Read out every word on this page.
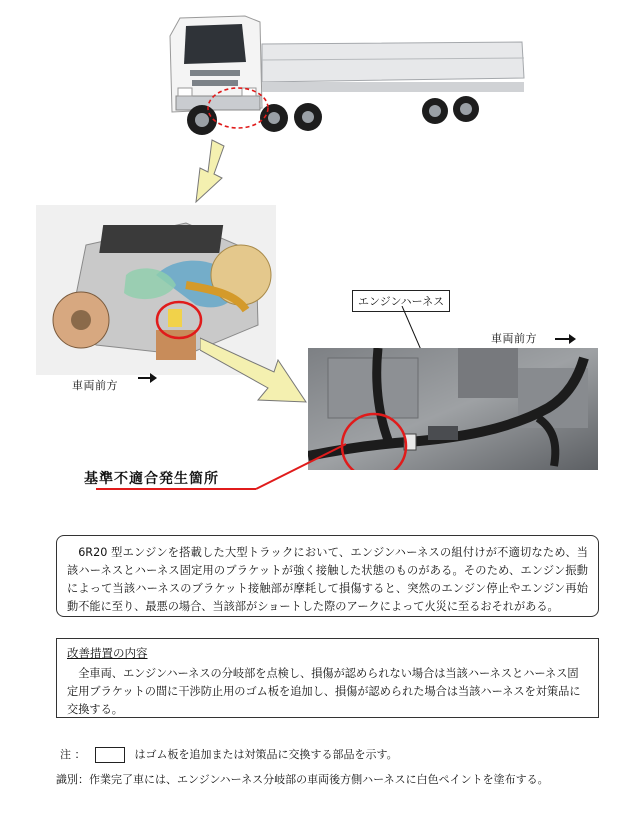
車両前方
エンジンハーネス
車両前方
基準不適合発生箇所
6R20 型エンジンを搭載した大型トラックにおいて、エンジンハーネスの組付けが不適切なため、当該ハーネスとハーネス固定用のブラケットが強く接触した状態のものがある。そのため、エンジン振動によって当該ハーネスのブラケット接触部が摩耗して損傷すると、突然のエンジン停止やエンジン再始動不能に至り、最悪の場合、当該部がショートした際のアークによって火災に至るおそれがある。
改善措置の内容
全車両、エンジンハーネスの分岐部を点検し、損傷が認められない場合は当該ハーネスとハーネス固定用ブラケットの間に干渉防止用のゴム板を追加し、損傷が認められた場合は当該ハーネスを対策品に交換する。
注 ：	はゴム板を追加または対策品に交換する部品を示す。
識別：作業完了車には、エンジンハーネス分岐部の車両後方側ハーネスに白色ペイントを塗布する。
